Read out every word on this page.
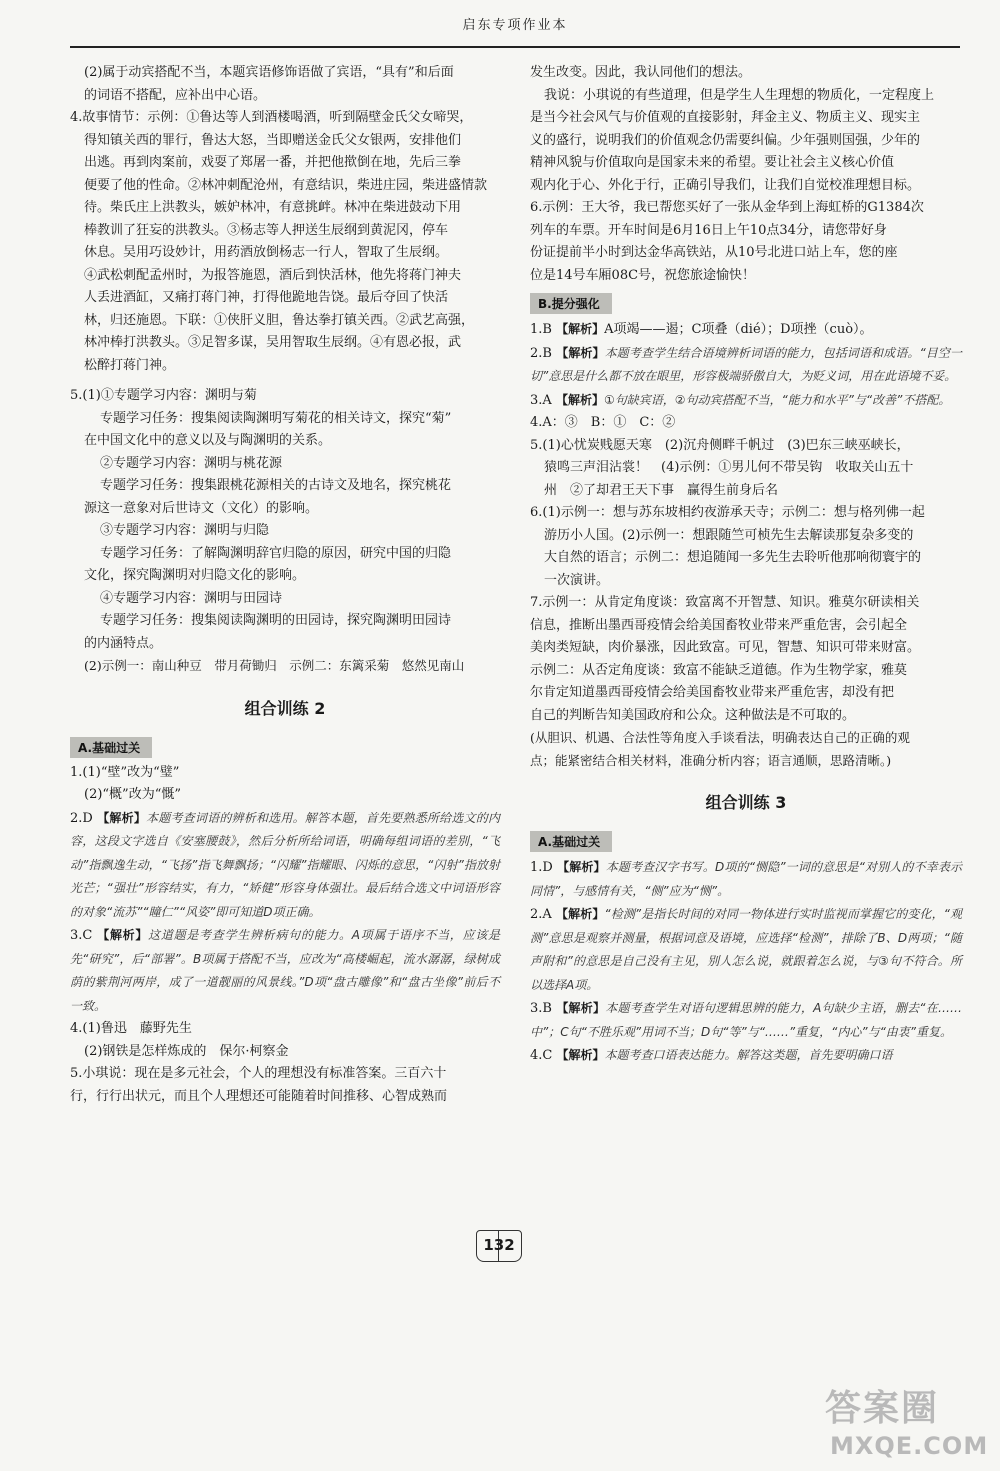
启东专项作业本

(2)属于动宾搭配不当，本题宾语修饰语做了宾语，“具有”和后面

的词语不搭配，应补出中心语。

4.故事情节：示例：①鲁达等人到酒楼喝酒，听到隔壁金氏父女啼哭，

得知镇关西的罪行，鲁达大怒，当即赠送金氏父女银两，安排他们

出逃。再到肉案前，戏耍了郑屠一番，并把他揿倒在地，先后三拳

便要了他的性命。②林冲刺配沧州，有意结识，柴进庄园，柴进盛情款

待。柴氏庄上洪教头，嫉妒林冲，有意挑衅。林冲在柴进鼓动下用

棒教训了狂妄的洪教头。③杨志等人押送生辰纲到黄泥冈，停车

休息。吴用巧设妙计，用药酒放倒杨志一行人，智取了生辰纲。

④武松刺配孟州时，为报答施恩，酒后到快活林，他先将蒋门神夫

人丢进酒缸，又痛打蒋门神，打得他跪地告饶。最后夺回了快活

林，归还施恩。下联：①侠肝义胆，鲁达拳打镇关西。②武艺高强，

林冲棒打洪教头。③足智多谋，吴用智取生辰纲。④有恩必报，武

松醉打蒋门神。

5.(1)①专题学习内容：渊明与菊

专题学习任务：搜集阅读陶渊明写菊花的相关诗文，探究“菊”

在中国文化中的意义以及与陶渊明的关系。

②专题学习内容：渊明与桃花源

专题学习任务：搜集跟桃花源相关的古诗文及地名，探究桃花

源这一意象对后世诗文（文化）的影响。

③专题学习内容：渊明与归隐

专题学习任务：了解陶渊明辞官归隐的原因，研究中国的归隐

文化，探究陶渊明对归隐文化的影响。

④专题学习内容：渊明与田园诗

专题学习任务：搜集阅读陶渊明的田园诗，探究陶渊明田园诗

的内涵特点。

(2)示例一：南山种豆　带月荷锄归　示例二：东篱采菊　悠然见南山

组合训练 2
A.基础过关

1.(1)“壁”改为“璧”

(2)“概”改为“慨”

2.D 【解析】本题考查词语的辨析和选用。解答本题，首先要熟悉所给选文的内容，这段文字选自《安塞腰鼓》，然后分析所给词语，明确每组词语的差别，“飞动”指飘逸生动，“飞扬”指飞舞飘扬；“闪耀”指耀眼、闪烁的意思，“闪射”指放射光芒；“强壮”形容结实，有力，“矫健”形容身体强壮。最后结合选文中词语形容的对象“流苏”“瞳仁”“风姿”即可知道D项正确。

3.C 【解析】这道题是考查学生辨析病句的能力。A项属于语序不当，应该是先“研究”，后“部署”。B项属于搭配不当，应改为“高楼崛起，流水潺潺，绿树成荫的紫荆河两岸，成了一道靓丽的风景线。”D项“盘古雕像”和“盘古坐像”前后不一致。

4.(1)鲁迅　藤野先生

(2)钢铁是怎样炼成的　保尔·柯察金

5.小琪说：现在是多元社会，个人的理想没有标准答案。三百六十

行，行行出状元，而且个人理想还可能随着时间推移、心智成熟而

发生改变。因此，我认同他们的想法。

我说：小琪说的有些道理，但是学生人生理想的物质化，一定程度上

是当今社会风气与价值观的直接影射，拜金主义、物质主义、现实主

义的盛行，说明我们的价值观念仍需要纠偏。少年强则国强，少年的

精神风貌与价值取向是国家未来的希望。要让社会主义核心价值

观内化于心、外化于行，正确引导我们，让我们自觉校准理想目标。

6.示例：王大爷，我已帮您买好了一张从金华到上海虹桥的G1384次

列车的车票。开车时间是6月16日上午10点34分，请您带好身

份证提前半小时到达金华高铁站，从10号北进口站上车，您的座

位是14号车厢08C号，祝您旅途愉快！

B.提分强化

1.B 【解析】A项竭——遏；C项叠（dié）；D项挫（cuò）。

2.B 【解析】本题考查学生结合语境辨析词语的能力，包括词语和成语。“目空一切”意思是什么都不放在眼里，形容极端骄傲自大，为贬义词，用在此语境不妥。

3.A 【解析】①句缺宾语，②句动宾搭配不当，“能力和水平”与“改善”不搭配。

4.A：③　B：①　C：②

5.(1)心忧炭贱愿天寒　(2)沉舟侧畔千帆过　(3)巴东三峡巫峡长，

猿鸣三声泪沾裳！　(4)示例：①男儿何不带吴钩　收取关山五十

州　②了却君王天下事　赢得生前身后名

6.(1)示例一：想与苏东坡相约夜游承天寺；示例二：想与格列佛一起

游历小人国。(2)示例一：想跟随竺可桢先生去解读那复杂多变的

大自然的语言；示例二：想追随闻一多先生去聆听他那响彻寰宇的

一次演讲。

7.示例一：从肯定角度谈：致富离不开智慧、知识。雅莫尔研读相关

信息，推断出墨西哥疫情会给美国畜牧业带来严重危害，会引起全

美肉类短缺，肉价暴涨，因此致富。可见，智慧、知识可带来财富。

示例二：从否定角度谈：致富不能缺乏道德。作为生物学家，雅莫

尔肯定知道墨西哥疫情会给美国畜牧业带来严重危害，却没有把

自己的判断告知美国政府和公众。这种做法是不可取的。

(从胆识、机遇、合法性等角度入手谈看法，明确表达自己的正确的观

点；能紧密结合相关材料，准确分析内容；语言通顺，思路清晰。)

组合训练 3
A.基础过关

1.D 【解析】本题考查汉字书写。D项的“恻隐”一词的意思是“对别人的不幸表示同情”，与感情有关，“侧”应为“恻”。

2.A 【解析】“检测”是指长时间的对同一物体进行实时监视而掌握它的变化，“观测”意思是观察并测量，根据词意及语境，应选择“检测”，排除了B、D两项；“随声附和”的意思是自己没有主见，别人怎么说，就跟着怎么说，与③句不符合。所以选择A项。

3.B 【解析】本题考查学生对语句逻辑思辨的能力，A句缺少主语，删去“在……中”；C句“不胜乐观”用词不当；D句“等”与“……”重复，“内心”与“由衷”重复。

4.C 【解析】本题考查口语表达能力。解答这类题，首先要明确口语

132
答案圈
MXQE.COM
